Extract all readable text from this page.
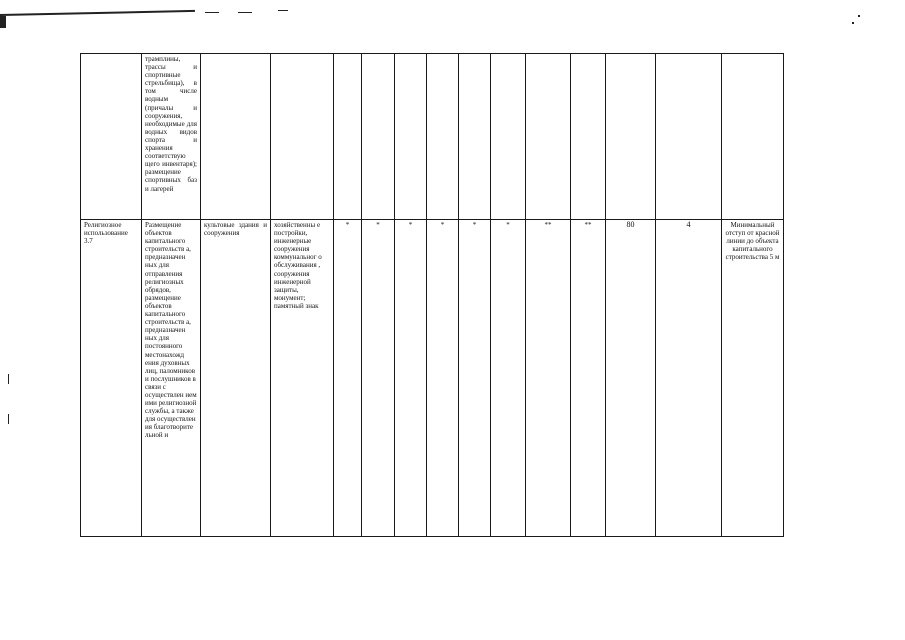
	трамплины, трассы и спортивные стрельбища), в том числе водным (причалы и сооружения, необходимые для водных видов спорта и хранения соответствую щего инвентаря); размещение спортивных баз и лагерей													
Религиозное использование 3.7	Размещение объектов капитального строительств а, предназначен ных для отправления религиозных обрядов, размещение объектов капитального строительств а, предназначен ных для постоянного местонахожд ения духовных лиц, паломников и послушников в связи с осуществлен ием ими религиозной службы, а также для осуществлен ия благотворите льной и	культовые здания и сооружения	хозяйственны е постройки, инженерные сооружения коммунальног о обслуживания , сооружения инженерной защиты, монумент; памятный знак	*	*	*	*	*	*	**	**	80	4	Минимальный отступ от красной линии до объекта капитального строительства 5 м
